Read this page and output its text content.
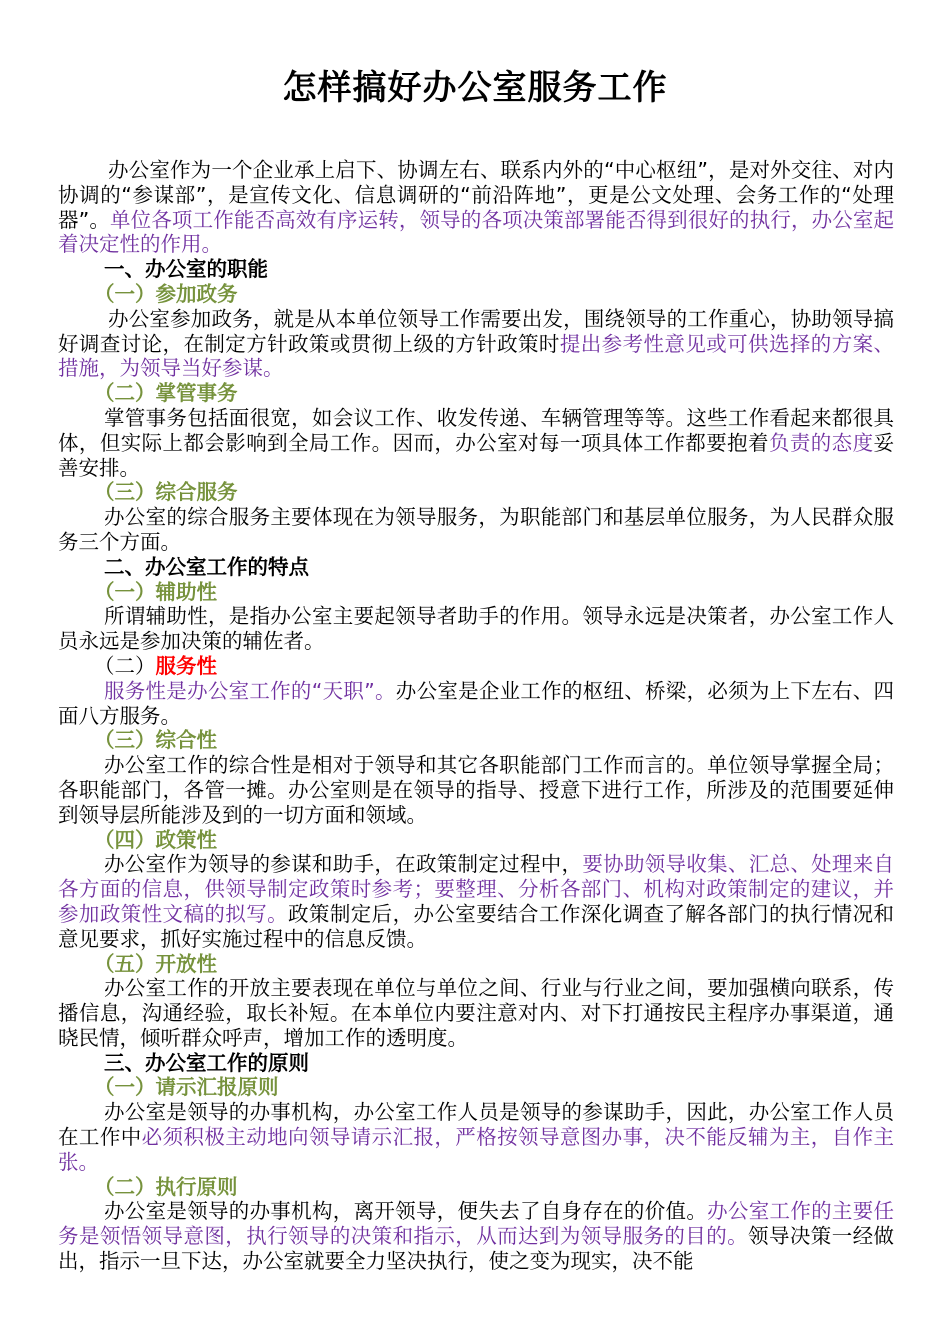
怎样搞好办公室服务工作

办公室作为一个企业承上启下、协调左右、联系内外的“中心枢纽”，是对外交往、对内协调的“参谋部”，是宣传文化、信息调研的“前沿阵地”，更是公文处理、会务工作的“处理器”。单位各项工作能否高效有序运转，领导的各项决策部署能否得到很好的执行，办公室起着决定性的作用。

一、办公室的职能
（一）参加政务

办公室参加政务，就是从本单位领导工作需要出发，围绕领导的工作重心，协助领导搞好调查讨论，在制定方针政策或贯彻上级的方针政策时提出参考性意见或可供选择的方案、措施，为领导当好参谋。

（二）掌管事务

掌管事务包括面很宽，如会议工作、收发传递、车辆管理等等。这些工作看起来都很具体，但实际上都会影响到全局工作。因而，办公室对每一项具体工作都要抱着负责的态度妥善安排。

（三）综合服务

办公室的综合服务主要体现在为领导服务，为职能部门和基层单位服务，为人民群众服务三个方面。

二、办公室工作的特点
（一）辅助性

所谓辅助性，是指办公室主要起领导者助手的作用。领导永远是决策者，办公室工作人员永远是参加决策的辅佐者。

（二）服务性

服务性是办公室工作的“天职”。办公室是企业工作的枢纽、桥梁，必须为上下左右、四面八方服务。

（三）综合性

办公室工作的综合性是相对于领导和其它各职能部门工作而言的。单位领导掌握全局；各职能部门，各管一摊。办公室则是在领导的指导、授意下进行工作，所涉及的范围要延伸到领导层所能涉及到的一切方面和领域。

（四）政策性

办公室作为领导的参谋和助手，在政策制定过程中，要协助领导收集、汇总、处理来自各方面的信息，供领导制定政策时参考；要整理、分析各部门、机构对政策制定的建议，并参加政策性文稿的拟写。政策制定后，办公室要结合工作深化调查了解各部门的执行情况和意见要求，抓好实施过程中的信息反馈。

（五）开放性

办公室工作的开放主要表现在单位与单位之间、行业与行业之间，要加强横向联系，传播信息，沟通经验，取长补短。在本单位内要注意对内、对下打通按民主程序办事渠道，通晓民情，倾听群众呼声，增加工作的透明度。

三、办公室工作的原则
（一）请示汇报原则

办公室是领导的办事机构，办公室工作人员是领导的参谋助手，因此，办公室工作人员在工作中必须积极主动地向领导请示汇报，严格按领导意图办事，决不能反辅为主，自作主张。

（二）执行原则

办公室是领导的办事机构，离开领导，便失去了自身存在的价值。办公室工作的主要任务是领悟领导意图，执行领导的决策和指示，从而达到为领导服务的目的。领导决策一经做出，指示一旦下达，办公室就要全力坚决执行，使之变为现实，决不能
